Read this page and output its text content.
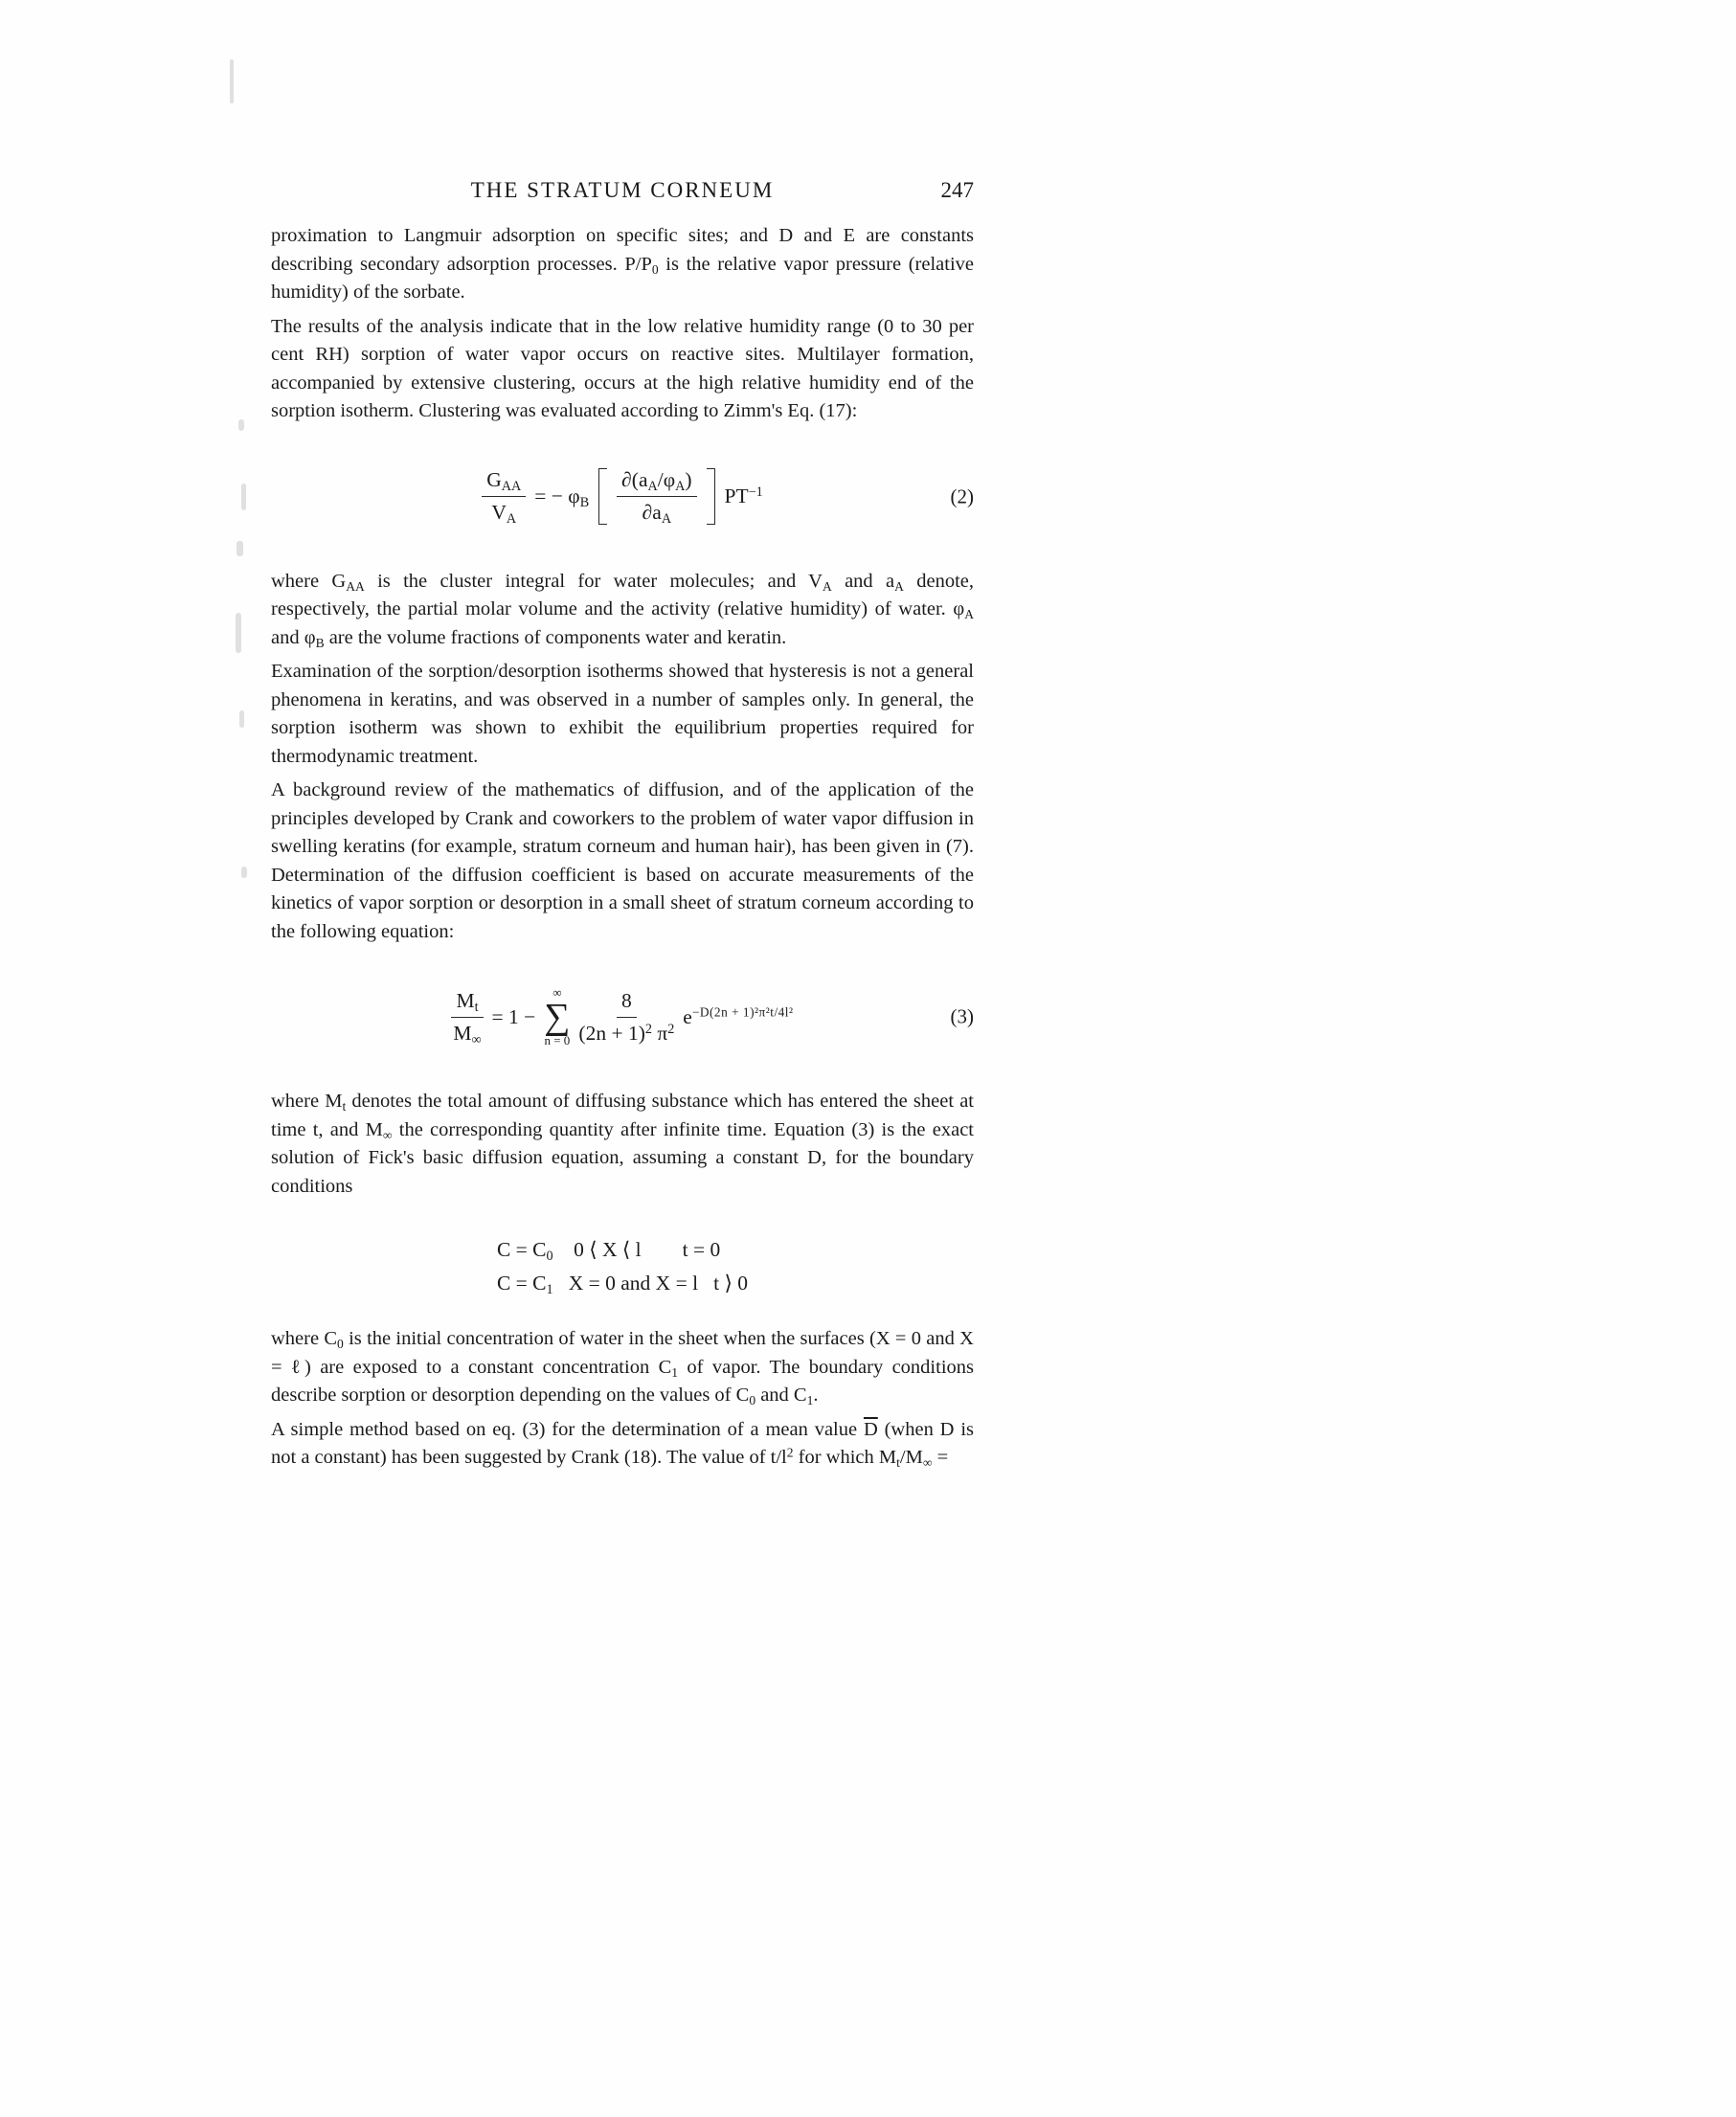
THE STRATUM CORNEUM	247

proximation to Langmuir adsorption on specific sites; and D and E are constants describing secondary adsorption processes. $P/P_0$ is the relative vapor pressure (relative humidity) of the sorbate.

The results of the analysis indicate that in the low relative humidity range (0 to 30 per cent RH) sorption of water vapor occurs on reactive sites. Multilayer formation, accompanied by extensive clustering, occurs at the high relative humidity end of the sorption isotherm. Clustering was evaluated according to Zimm's Eq. (17):

$\frac{G_{AA}}{V_A}$ = − $\varphi_B \frac{\partial(a_A/\varphi_A)}{\partial a_A} PT^{-1}$	(2)

where $G_{AA}$ is the cluster integral for water molecules; and $V_A$ and $a_A$ denote, respectively, the partial molar volume and the activity (relative humidity) of water. $\varphi_A$ and $\varphi_B$ are the volume fractions of components water and keratin.

Examination of the sorption/desorption isotherms showed that hysteresis is not a general phenomena in keratins, and was observed in a number of samples only. In general, the sorption isotherm was shown to exhibit the equilibrium properties required for thermodynamic treatment.

A background review of the mathematics of diffusion, and of the application of the principles developed by Crank and coworkers to the problem of water vapor diffusion in swelling keratins (for example, stratum corneum and human hair), has been given in (7). Determination of the diffusion coefficient is based on accurate measurements of the kinetics of vapor sorption or desorption in a small sheet of stratum corneum according to the following equation:

$\frac{M_t}{M_\infty} = 1$ −
∞
∑
$n = 0 \frac{8}{(2n + 1)^2 \pi^2} e^{-D(2n + 1)^2\pi^2t/4l^2}$	(3)

where $M_t$ denotes the total amount of diffusing substance which has entered the sheet at time t, and $M_\infty$ the corresponding quantity after infinite time. Equation (3) is the exact solution of Fick's basic diffusion equation, assuming a constant D, for the boundary conditions

$C = C_0$    0 ⟨ X ⟨ l        t = 0
$C = C_1$   X = 0 and X = l   t ⟩ 0

where $C_0$ is the initial concentration of water in the sheet when the surfaces (X = 0 and X = ℓ) are exposed to a constant concentration $C_1$ of vapor. The boundary conditions describe sorption or desorption depending on the values of $C_0$ and $C_1$.

A simple method based on eq. (3) for the determination of a mean value $\overline{D}$ (when D is not a constant) has been suggested by Crank (18). The value of $t/l^2$ for which $M_t/M_\infty$ =
